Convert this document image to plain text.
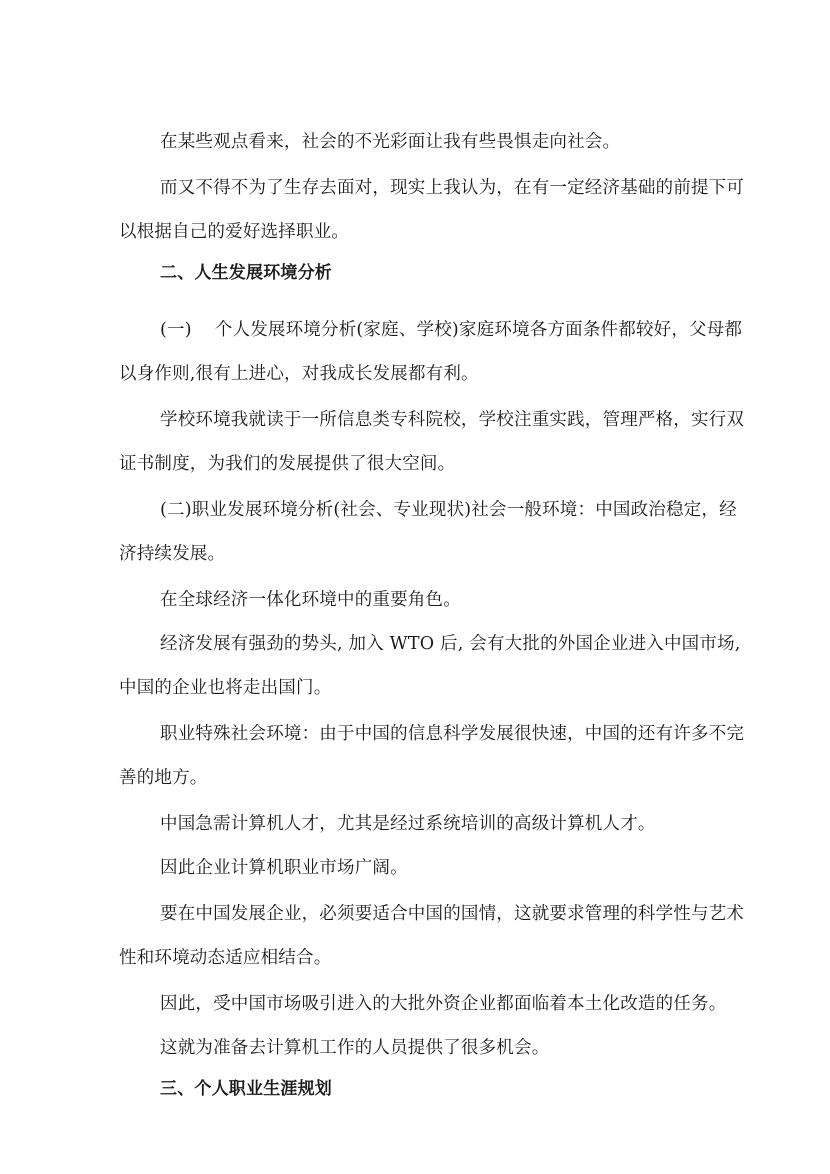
​

在某些观点看来，社会的不光彩面让我有些畏惧走向社会。

而又不得不为了生存去面对，现实上我认为，在有一定经济基础的前提下可

以根据自己的爱好选择职业。

二、人生发展环境分析

(一)    个人发展环境分析(家庭、学校)家庭环境各方面条件都较好，父母都

以身作则,很有上进心，对我成长发展都有利。

学校环境我就读于一所信息类专科院校，学校注重实践，管理严格，实行双

证书制度，为我们的发展提供了很大空间。

(二)职业发展环境分析(社会、专业现状)社会一般环境：中国政治稳定，经

济持续发展。

在全球经济一体化环境中的重要角色。

经济发展有强劲的势头, 加入 WTO 后, 会有大批的外国企业进入中国市场,

中国的企业也将走出国门。

职业特殊社会环境：由于中国的信息科学发展很快速，中国的还有许多不完

善的地方。

中国急需计算机人才，尤其是经过系统培训的高级计算机人才。

因此企业计算机职业市场广阔。

要在中国发展企业，必须要适合中国的国情，这就要求管理的科学性与艺术

性和环境动态适应相结合。

因此，受中国市场吸引进入的大批外资企业都面临着本土化改造的任务。

这就为准备去计算机工作的人员提供了很多机会。

三、个人职业生涯规划
